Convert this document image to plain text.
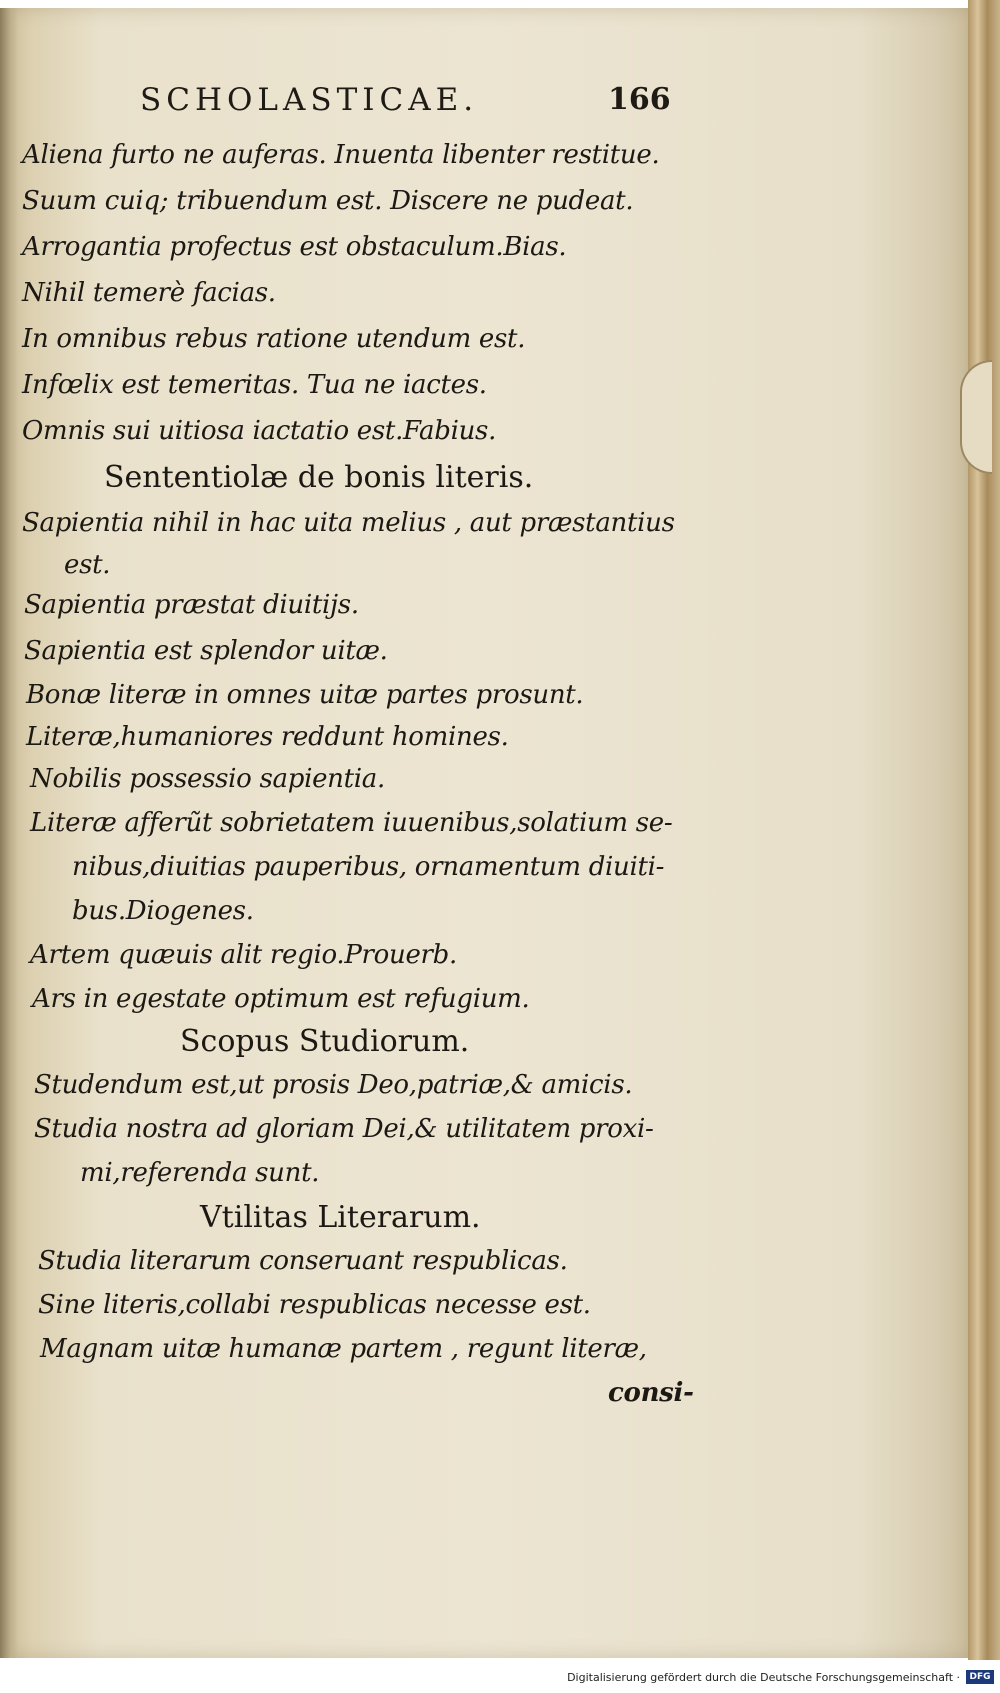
SCHOLASTICAE.	166
Aliena furto ne auferas. Inuenta libenter restitue.
Suum cuiq; tribuendum est. Discere ne pudeat.
Arrogantia profectus est obstaculum.Bias.
Nihil temerè facias.
In omnibus rebus ratione utendum est.
Infœlix est temeritas. Tua ne iactes.
Omnis sui uitiosa iactatio est.Fabius.
Sententiolæ de bonis literis.
Sapientia nihil in hac uita melius , aut præstantius
est.
Sapientia præstat diuitijs.
Sapientia est splendor uitæ.
Bonæ literæ in omnes uitæ partes prosunt.
Literæ,humaniores reddunt homines.
Nobilis possessio sapientia.
Literæ afferũt sobrietatem iuuenibus,solatium se-
nibus,diuitias pauperibus, ornamentum diuiti-
bus.Diogenes.
Artem quæuis alit regio.Prouerb.
Ars in egestate optimum est refugium.
Scopus Studiorum.
Studendum est,ut prosis Deo,patriæ,& amicis.
Studia nostra ad gloriam Dei,& utilitatem proxi-
mi,referenda sunt.
Vtilitas Literarum.
Studia literarum conseruant respublicas.
Sine literis,collabi respublicas necesse est.
Magnam uitæ humanæ partem , regunt literæ,
consi-
Digitalisierung gefördert durch die Deutsche Forschungsgemeinschaft ·	DFG
